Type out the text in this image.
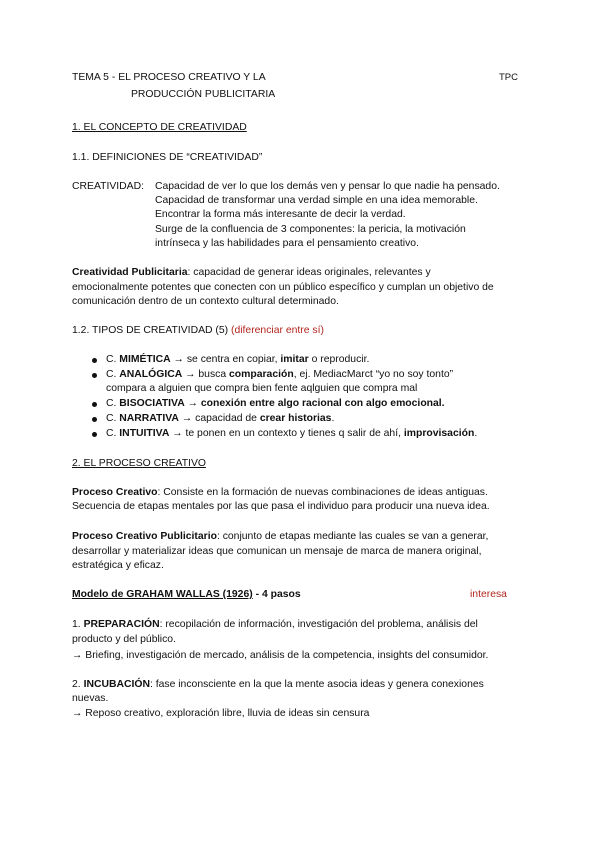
TEMA 5 - EL PROCESO CREATIVO Y LA
PRODUCCIÓN PUBLICITARIA
TPC
1. EL CONCEPTO DE CREATIVIDAD
1.1. DEFINICIONES DE “CREATIVIDAD”
CREATIVIDAD: Capacidad de ver lo que los demás ven y pensar lo que nadie ha pensado.
Capacidad de transformar una verdad simple en una idea memorable.
Encontrar la forma más interesante de decir la verdad.
Surge de la confluencia de 3 componentes: la pericia, la motivación
intrínseca y las habilidades para el pensamiento creativo.
Creatividad Publicitaria: capacidad de generar ideas originales, relevantes y
emocionalmente potentes que conecten con un público específico y cumplan un objetivo de
comunicación dentro de un contexto cultural determinado.
1.2. TIPOS DE CREATIVIDAD (5) (diferenciar entre sí)
C. MIMÉTICA → se centra en copiar, imitar o reproducir.
C. ANALÓGICA → busca comparación, ej. MediacMarct “yo no soy tonto”
compara a alguien que compra bien fente aqlguien que compra mal
C. BISOCIATIVA → conexión entre algo racional con algo emocional.
C. NARRATIVA → capacidad de crear historias.
C. INTUITIVA → te ponen en un contexto y tienes q salir de ahí, improvisación.
2. EL PROCESO CREATIVO
Proceso Creativo: Consiste en la formación de nuevas combinaciones de ideas antiguas.
Secuencia de etapas mentales por las que pasa el individuo para producir una nueva idea.
Proceso Creativo Publicitario: conjunto de etapas mediante las cuales se van a generar,
desarrollar y materializar ideas que comunican un mensaje de marca de manera original,
estratégica y eficaz.
Modelo de GRAHAM WALLAS (1926) - 4 pasos	interesa
1. PREPARACIÓN: recopilación de información, investigación del problema, análisis del
producto y del público.
→ Briefing, investigación de mercado, análisis de la competencia, insights del consumidor.
2. INCUBACIÓN: fase inconsciente en la que la mente asocia ideas y genera conexiones
nuevas.
→ Reposo creativo, exploración libre, lluvia de ideas sin censura
